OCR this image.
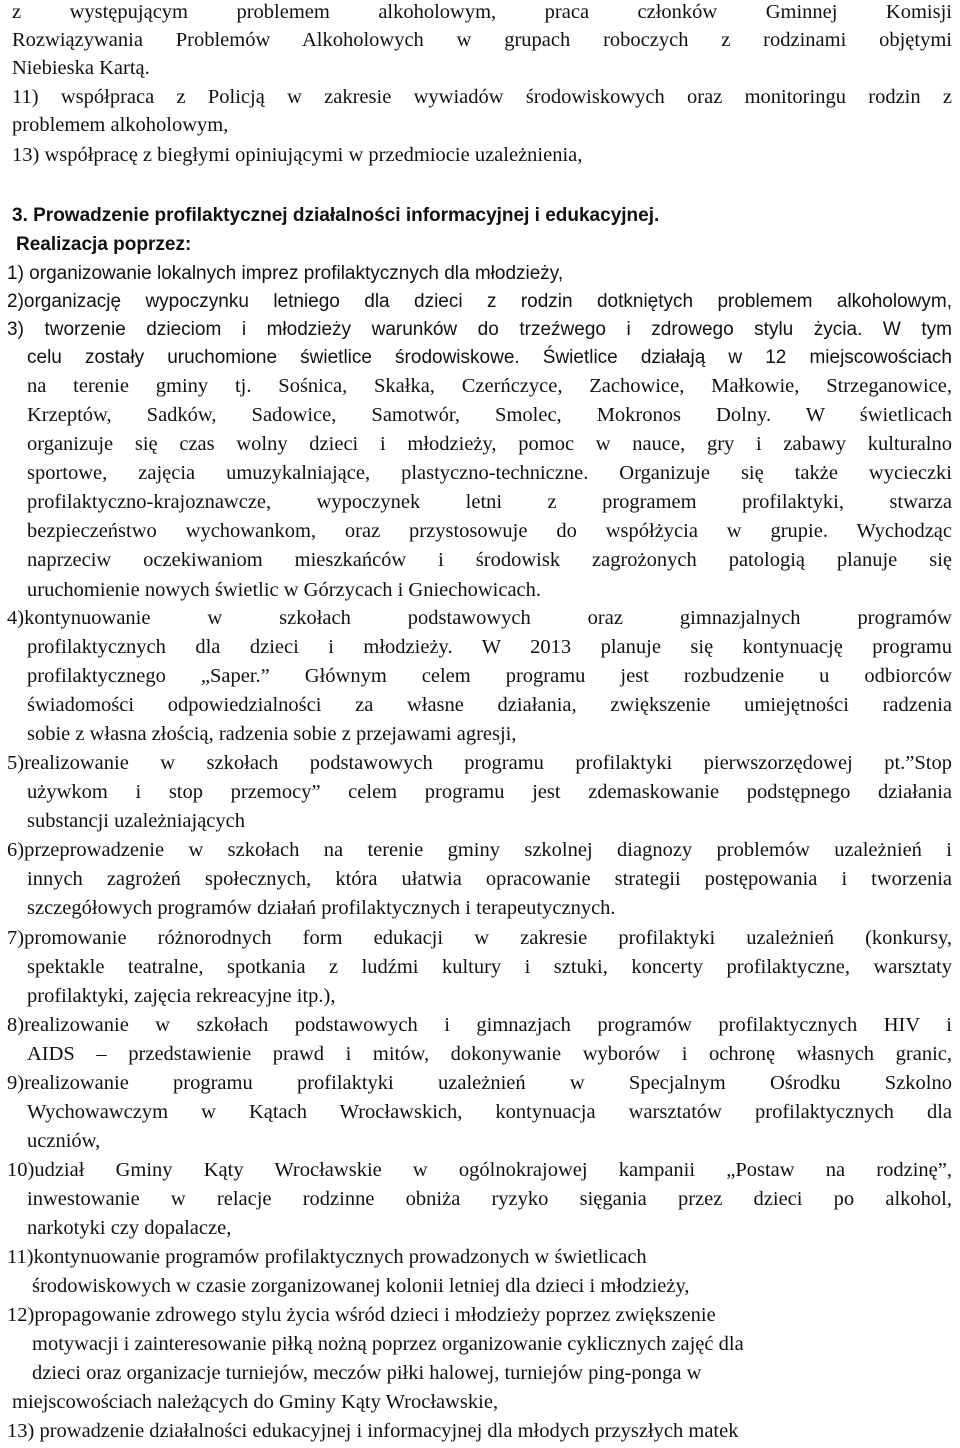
z występującym problemem alkoholowym, praca członków Gminnej Komisji

Rozwiązywania Problemów Alkoholowych w grupach roboczych z rodzinami objętymi

Niebieska Kartą.

11) współpraca z Policją w zakresie wywiadów środowiskowych oraz monitoringu rodzin z

problemem alkoholowym,

13) współpracę z biegłymi opiniującymi w przedmiocie uzależnienia,

3. Prowadzenie profilaktycznej działalności informacyjnej i edukacyjnej.

Realizacja poprzez:

1) organizowanie lokalnych imprez profilaktycznych dla młodzieży,

2)organizację wypoczynku letniego dla dzieci z rodzin dotkniętych problemem alkoholowym,

3) tworzenie dzieciom i młodzieży warunków do trzeźwego i zdrowego stylu życia. W tym

celu zostały uruchomione świetlice środowiskowe. Świetlice działają w 12 miejscowościach

na terenie gminy tj. Sośnica, Skałka, Czerńczyce, Zachowice, Małkowie, Strzeganowice,

Krzeptów, Sadków, Sadowice, Samotwór, Smolec, Mokronos Dolny. W świetlicach

organizuje się czas wolny dzieci i młodzieży, pomoc w nauce, gry i zabawy kulturalno

sportowe, zajęcia umuzykalniające, plastyczno-techniczne. Organizuje się także wycieczki

profilaktyczno-krajoznawcze, wypoczynek letni z programem profilaktyki, stwarza

bezpieczeństwo wychowankom, oraz przystosowuje do współżycia w grupie. Wychodząc

naprzeciw oczekiwaniom mieszkańców i środowisk zagrożonych patologią planuje się

uruchomienie nowych świetlic w Górzycach i Gniechowicach.

4)kontynuowanie w szkołach podstawowych oraz gimnazjalnych programów

profilaktycznych dla dzieci i młodzieży. W 2013 planuje się kontynuację programu

profilaktycznego „Saper.” Głównym celem programu jest rozbudzenie u odbiorców

świadomości odpowiedzialności za własne działania, zwiększenie umiejętności radzenia

sobie z własna złością, radzenia sobie z przejawami agresji,

5)realizowanie w szkołach podstawowych programu profilaktyki pierwszorzędowej pt.”Stop

używkom i stop przemocy” celem programu jest zdemaskowanie podstępnego działania

substancji uzależniających

6)przeprowadzenie w szkołach na terenie gminy szkolnej diagnozy problemów uzależnień i

innych zagrożeń społecznych, która ułatwia opracowanie strategii postępowania i tworzenia

szczegółowych programów działań profilaktycznych i terapeutycznych.

7)promowanie różnorodnych form edukacji w zakresie profilaktyki uzależnień (konkursy,

spektakle teatralne, spotkania z ludźmi kultury i sztuki, koncerty profilaktyczne, warsztaty

profilaktyki, zajęcia rekreacyjne itp.),

8)realizowanie w szkołach podstawowych i gimnazjach programów profilaktycznych HIV i

AIDS – przedstawienie prawd i mitów, dokonywanie wyborów i ochronę własnych granic,

9)realizowanie programu profilaktyki uzależnień w Specjalnym Ośrodku Szkolno

Wychowawczym w Kątach Wrocławskich, kontynuacja warsztatów profilaktycznych dla

uczniów,

10)udział Gminy Kąty Wrocławskie w ogólnokrajowej kampanii „Postaw na rodzinę”,

inwestowanie w relacje rodzinne obniża ryzyko sięgania przez dzieci po alkohol,

narkotyki czy dopalacze,

11)kontynuowanie programów profilaktycznych prowadzonych w świetlicach

środowiskowych w czasie zorganizowanej kolonii letniej dla dzieci i młodzieży,

12)propagowanie zdrowego stylu życia wśród dzieci i młodzieży poprzez zwiększenie

motywacji i zainteresowanie piłką nożną poprzez organizowanie cyklicznych zajęć dla

dzieci oraz organizacje turniejów, meczów piłki halowej, turniejów ping-ponga w

miejscowościach należących do Gminy Kąty Wrocławskie,

13) prowadzenie działalności edukacyjnej i informacyjnej dla młodych przyszłych matek
